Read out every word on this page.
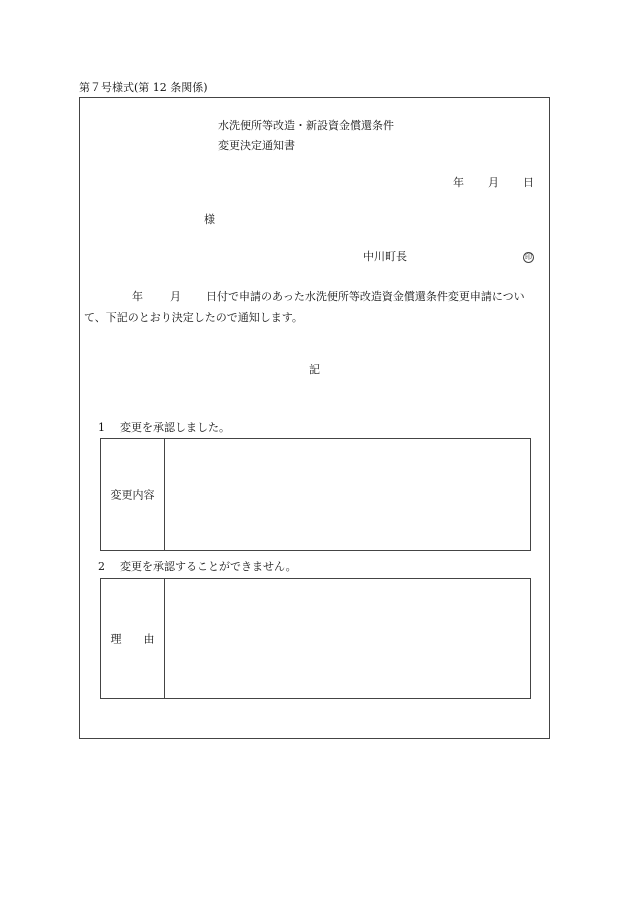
第７号様式(第 12 条関係)
水洗便所等改造・新設資金償還条件
変更決定通知書
年 月 日
様
中川町長	印
年 月 日付で申請のあった水洗便所等改造資金償還条件変更申請につい
て、下記のとおり決定したので通知します。
記
1 変更を承認しました。
変更内容
2 変更を承認することができません。
理由
